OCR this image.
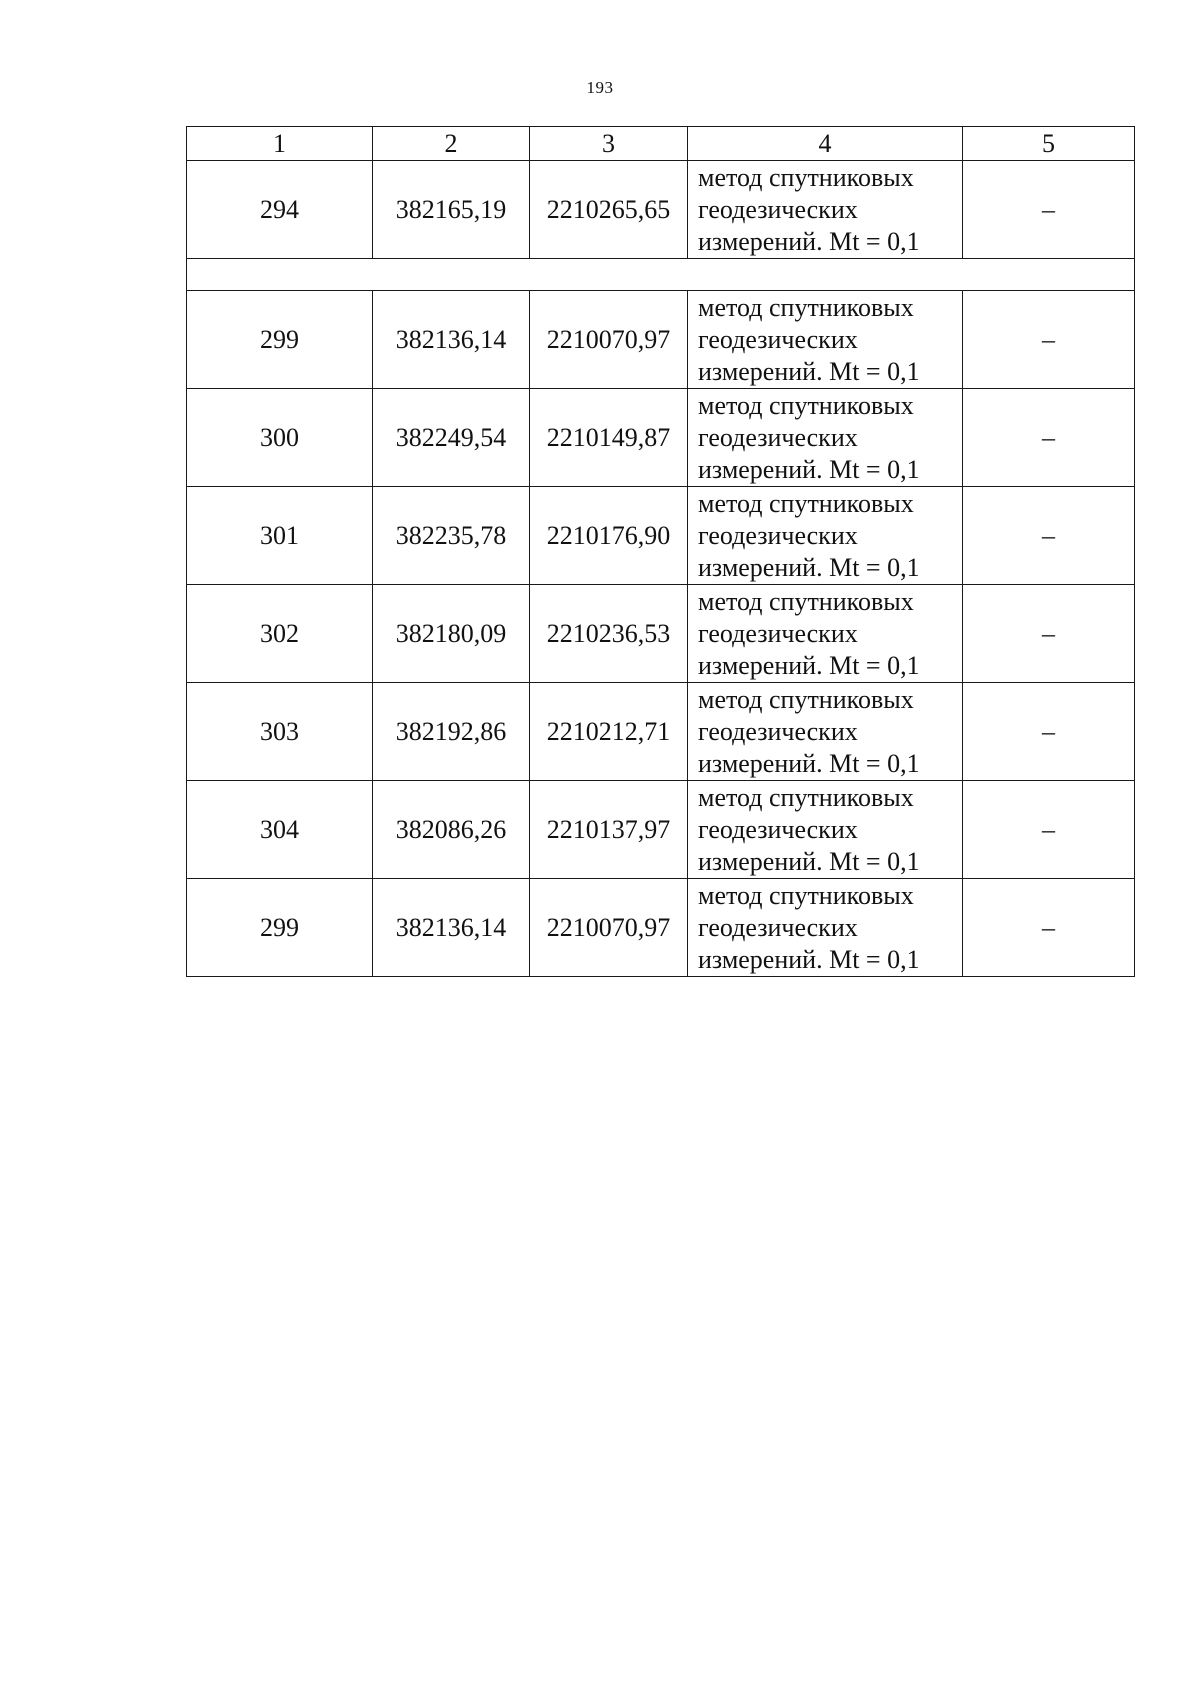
193
1	2	3	4	5
294	382165,19	2210265,65	метод спутниковых
геодезических
измерений. Mt = 0,1	–

299	382136,14	2210070,97	метод спутниковых
геодезических
измерений. Mt = 0,1	–
300	382249,54	2210149,87	метод спутниковых
геодезических
измерений. Mt = 0,1	–
301	382235,78	2210176,90	метод спутниковых
геодезических
измерений. Mt = 0,1	–
302	382180,09	2210236,53	метод спутниковых
геодезических
измерений. Mt = 0,1	–
303	382192,86	2210212,71	метод спутниковых
геодезических
измерений. Mt = 0,1	–
304	382086,26	2210137,97	метод спутниковых
геодезических
измерений. Mt = 0,1	–
299	382136,14	2210070,97	метод спутниковых
геодезических
измерений. Mt = 0,1	–
